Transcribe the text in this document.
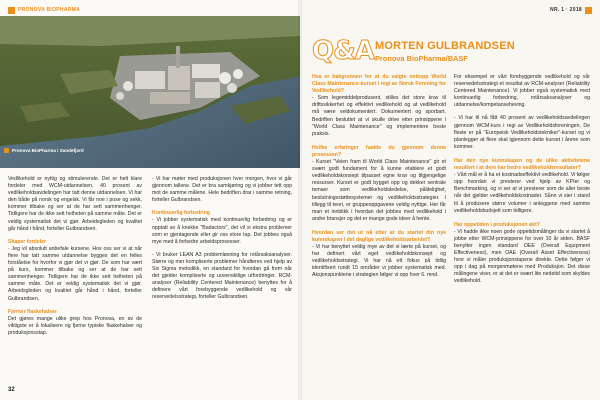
PRONOVA BIOPHARMA
Pronova BioPharma i Sandefjord

Vedlikehold er nyttig og stimulerende. Det er helt klare fordeler med WCM-utdannelsen, 40 prosent av vedlikeholdsavdelingen har tatt denne utdannelsen. Vi har den både på norsk og engelsk. Vi får noe i pose og sekk, kommer tilbake og ser at de har sett sammenhenger. Tidligere har de ikke sett helheten på samme måte. Det er veldig systematisk det vi gjør. Arbeidsgleden og kvalitet går hånd i hånd, forteller Gulbrandsen.

Skaper fordeler

- Jeg vil absolutt anbefale kursene. Hos oss ser vi at når flere har tatt samme utdannelse bygges det en felles forståelse for hvorfor vi gjør det vi gjør. De som har vært på kurs, kommer tilbake og ser at de har sett sammenhenger. Tidligere har de ikke sett helheten på samme måte. Det er veldig systematisk det vi gjør. Arbeidsgleden og kvalitet går hånd i hånd, forteller Gulbrandsen.

Fjerner flaskehalser

Det gjøres mange ulike grep hos Pronova, en av de viktigste er å lokalisere og fjerne typiske flaskehalser og produksjonsstap.

- Vi har møter med produksjonen hver morgen, hvor vi går gjennom tallene. Det er bra samkjøring og vi jobber tett opp mot de samme målene. Hele bedriften drar i samme retning, forteller Gulbrandsen.

Kontinuerlig forbedring

- Vi jobber systematisk med kontinuerlig forbedring og er opptatt av å knekke "Badactors", det vil si ekstra problemer som er gjentagende eller gir oss store tap. Det jobbes også mye med å forbedre arbeidsprosesser.

- Vi bruker LEAN A3 problemløsning for rotårsaksanalyser. Større og mer kompliserte problemer håndteres ved hjelp av Six Sigma metodikk, en standard for hvordan gå frem når det gjelder kompliserte og uoversiktlige utfordringer. RCM-analyser (Reliability Centered Maintenance) benyttes for å definere vårt forebyggende vedlikehold og vår reservedelsstrategi, forteller Gulbrandsen.

32
NR. 1 · 2018
Q&A MORTEN GULBRANDSEN
Pronova BioPharma/BASF

Hva er bakgrunnen for at du valgte nettopp World Class Maintenance-kurset i regi av Norsk Forening for Vedlikehold?

- Som legemiddelprodusent, stilles det store krav til driftssikkerhet og effektivt vedlikehold og at vedlikehold må være veldokumentert. Dokumentert og sporbart. Bedriften besluttet at vi skulle drive etter prinsippene i "World Class Maintenance" og implementere beste praksis.

Hvilke erfaringer hadde du gjennom denne prosessen?

- Kurset "Veien fram til World Class Maintenance" gir et svært godt fundament for å kunne etablere et godt vedlikeholdskonsept tilpasset egne krav og tilgjengelige ressurser. Kurset er godt bygget opp og dekker sentrale temaer som vedlikeholdsledelse, pålitelighet, beslutningsstøttesystemer og vedlikeholdsstrategier. I tillegg til teori, er gruppeoppgavene veldig nyttige. Her får man et innblikk i hvordan det jobbes med vedlikehold i andre bransjer og det er mange gode ideer å hente.

Hvordan ser det ut nå etter at du startet din nye kunnskapen i det daglige vedlikeholdsarbeidet?

- Vi har benyttet veldig mye av det vi lærte på kurset, og har definert vårt eget vedlikeholdskonsept og vedlikeholdsstrategi. Vi har nå ett fokus på tidlig identifisert rundt 15 områder vi jobber systematisk med. Aksjonspunktene i strategien følger vi opp hver 6. mnd.

For eksempel er vårt forebyggende vedlikehold og vår reservedelsstrategi et resultat av RCM-analyser (Reliability Centered Maintenance). Vi jobber også systematisk med kontinuerlig forbedring, rotårsaksanalyser og utdannelse/kompetanseheving.

- Vi har til nå fått 40 prosent av vedlikeholdsavdelingen gjennom WCM-kurs i regi av Vedlikeholdsforeningen. De fleste er på "Europeisk Vedlikeholdstekniker"-kurset og vi planlegger at flere skal igjennom dette kurset i årene som kommer.

Har den nye kunnskapen og de ulike aktivitetene resultert i at dere har bedre vedlikeholdsresultater?

- Vårt mål er å ha et kostnadseffektivt vedlikehold. Vi følger opp hvordan vi presterer ved hjelp av KPIer og Benchmarking, og vi ser at vi presterer som de aller beste når det gjelder vedlikeholdskostnader. Sånn vi sier i stand til å produsere større volumer i anleggene med samme vedlikeholdsbudsjett som tidligere.

Har oppetiden i produksjonen økt?

- Vi hadde ikke noen gode oppetidsmålinger da vi startet å jobbe etter WCM-prinsippene for over 10 år siden. BASF benytter ingen standard OEE (Overall Equipment Effectiveness), men OAE (Overall Asset Effectiveness) hvor vi måler produksjonstapene direkte. Dette følger vi opp i dag på morgenmøtene med Produksjon. Det disse målingene viser, er at det er svært lite nedetid som skyldes vedlikehold.
